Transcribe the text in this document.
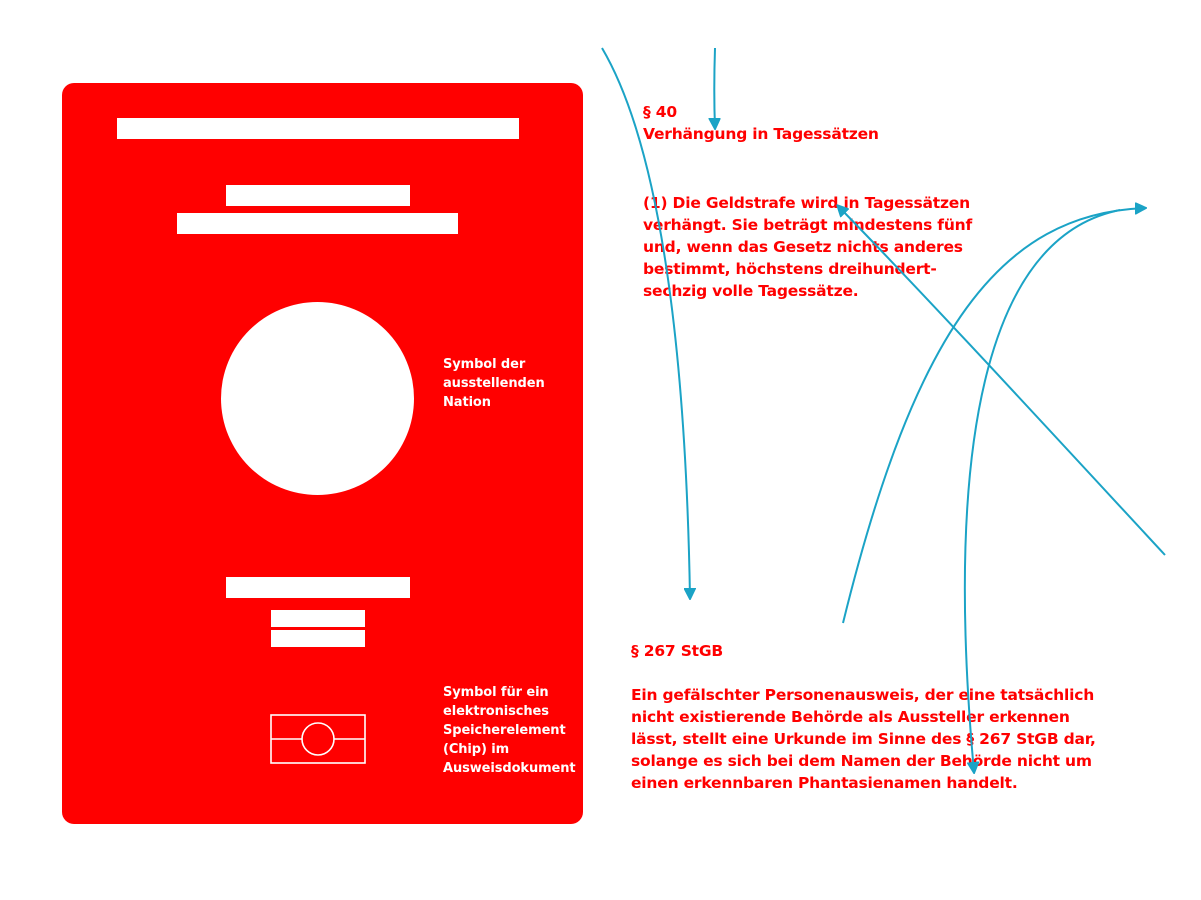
Symbol der
ausstellenden
Nation
Symbol für ein
elektronisches
Speicherelement
(Chip) im
Ausweisdokument

§ 40
Verhängung in Tagessätzen

(1) Die Geldstrafe wird in Tagessätzen
verhängt. Sie beträgt mindestens fünf
und, wenn das Gesetz nichts anderes
bestimmt, höchstens dreihundert-
sechzig volle Tagessätze.

§ 267 StGB

Ein gefälschter Personenausweis, der eine tatsächlich
nicht existierende Behörde als Aussteller erkennen
lässt, stellt eine Urkunde im Sinne des § 267 StGB dar,
solange es sich bei dem Namen der Behörde nicht um
einen erkennbaren Phantasienamen handelt.
